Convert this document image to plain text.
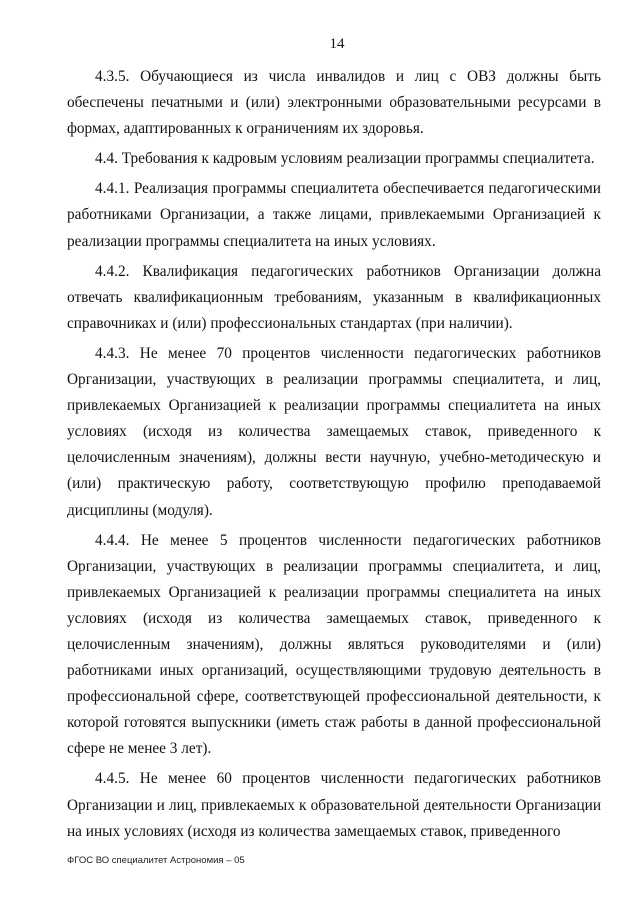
14

4.3.5. Обучающиеся из числа инвалидов и лиц с ОВЗ должны быть обеспечены печатными и (или) электронными образовательными ресурсами в формах, адаптированных к ограничениям их здоровья.

4.4. Требования к кадровым условиям реализации программы специалитета.

4.4.1. Реализация программы специалитета обеспечивается педагогическими работниками Организации, а также лицами, привлекаемыми Организацией к реализации программы специалитета на иных условиях.

4.4.2. Квалификация педагогических работников Организации должна отвечать квалификационным требованиям, указанным в квалификационных справочниках и (или) профессиональных стандартах (при наличии).

4.4.3. Не менее 70 процентов численности педагогических работников Организации, участвующих в реализации программы специалитета, и лиц, привлекаемых Организацией к реализации программы специалитета на иных условиях (исходя из количества замещаемых ставок, приведенного к целочисленным значениям), должны вести научную, учебно-методическую и (или) практическую работу, соответствующую профилю преподаваемой дисциплины (модуля).

4.4.4. Не менее 5 процентов численности педагогических работников Организации, участвующих в реализации программы специалитета, и лиц, привлекаемых Организацией к реализации программы специалитета на иных условиях (исходя из количества замещаемых ставок, приведенного к целочисленным значениям), должны являться руководителями и (или) работниками иных организаций, осуществляющими трудовую деятельность в профессиональной сфере, соответствующей профессиональной деятельности, к которой готовятся выпускники (иметь стаж работы в данной профессиональной сфере не менее 3 лет).

4.4.5. Не менее 60 процентов численности педагогических работников Организации и лиц, привлекаемых к образовательной деятельности Организации на иных условиях (исходя из количества замещаемых ставок, приведенного

ФГОС ВО специалитет Астрономия – 05
